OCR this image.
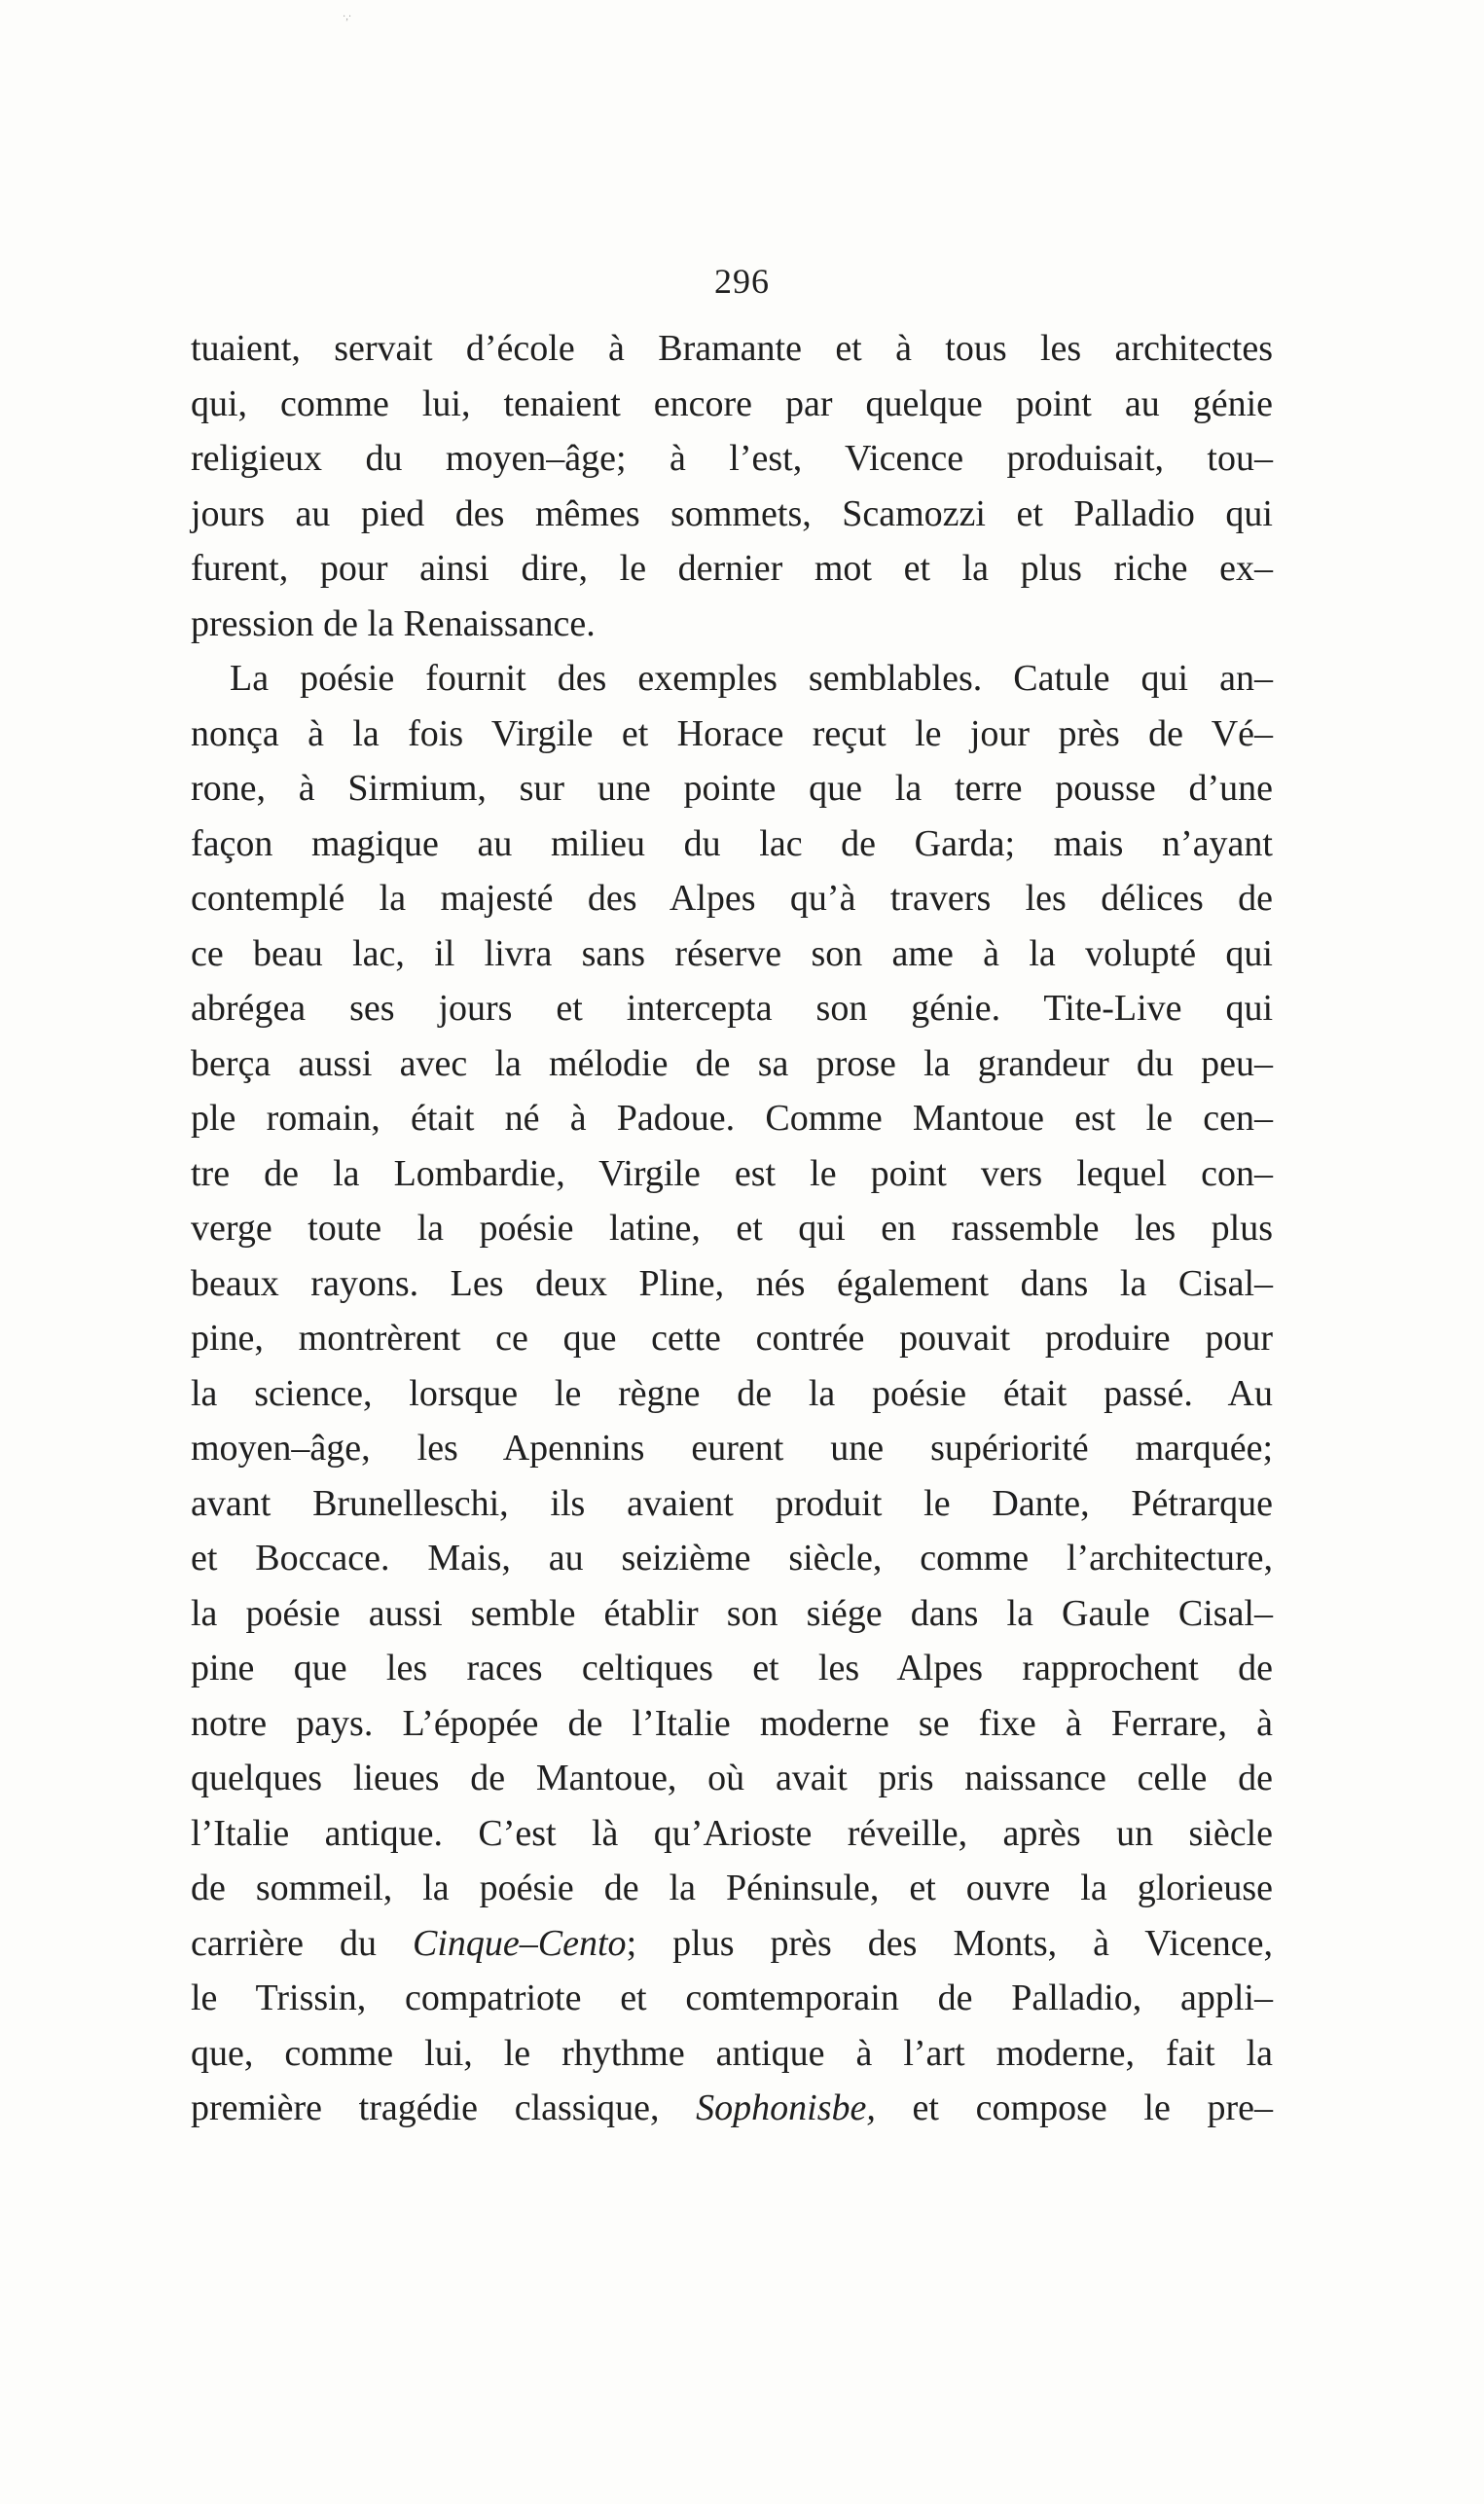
·,·
296
tuaient, servait d’école à Bramante et à tous les architectes
qui, comme lui, tenaient encore par quelque point au génie
religieux du moyen–âge; à l’est, Vicence produisait, tou–
jours au pied des mêmes sommets, Scamozzi et Palladio qui
furent, pour ainsi dire, le dernier mot et la plus riche ex–
pression de la Renaissance.
La poésie fournit des exemples semblables. Catule qui an–
nonça à la fois Virgile et Horace reçut le jour près de Vé–
rone, à Sirmium, sur une pointe que la terre pousse d’une
façon magique au milieu du lac de Garda; mais n’ayant
contemplé la majesté des Alpes qu’à travers les délices de
ce beau lac, il livra sans réserve son ame à la volupté qui
abrégea ses jours et intercepta son génie. Tite-Live qui
berça aussi avec la mélodie de sa prose la grandeur du peu–
ple romain, était né à Padoue. Comme Mantoue est le cen–
tre de la Lombardie, Virgile est le point vers lequel con–
verge toute la poésie latine, et qui en rassemble les plus
beaux rayons. Les deux Pline, nés également dans la Cisal–
pine, montrèrent ce que cette contrée pouvait produire pour
la science, lorsque le règne de la poésie était passé. Au
moyen–âge, les Apennins eurent une supériorité marquée;
avant Brunelleschi, ils avaient produit le Dante, Pétrarque
et Boccace. Mais, au seizième siècle, comme l’architecture,
la poésie aussi semble établir son siége dans la Gaule Cisal–
pine que les races celtiques et les Alpes rapprochent de
notre pays. L’épopée de l’Italie moderne se fixe à Ferrare, à
quelques lieues de Mantoue, où avait pris naissance celle de
l’Italie antique. C’est là qu’Arioste réveille, après un siècle
de sommeil, la poésie de la Péninsule, et ouvre la glorieuse
carrière du Cinque–Cento; plus près des Monts, à Vicence,
le Trissin, compatriote et comtemporain de Palladio, appli–
que, comme lui, le rhythme antique à l’art moderne, fait la
première tragédie classique, Sophonisbe, et compose le pre–
